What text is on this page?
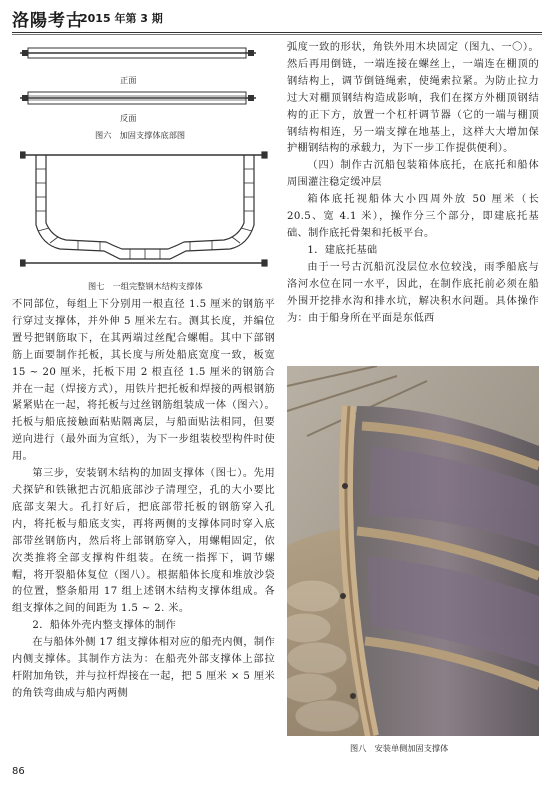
洛陽考古
2015 年第 3 期
正面
反面
图六　加固支撑体底部图
图七　一组完整钢木结构支撑体

不同部位，每组上下分别用一根直径 1.5 厘米的钢筋平行穿过支撑体，并外伸 5 厘米左右。测其长度，并编位置号把钢筋取下，在其两端过丝配合螺帽。其中下部钢筋上面要制作托板，其长度与所处船底宽度一致，板宽 15 ~ 20 厘米，托板下用 2 根直径 1.5 厘米的钢筋合并在一起（焊接方式），用铁片把托板和焊接的两根钢筋紧紧贴在一起，将托板与过丝钢筋组装成一体（图六）。托板与船底接触面粘贴隔离层，与船面贴法相同，但要逆向进行（最外面为宣纸），为下一步组装校型构件时使用。

第三步，安装钢木结构的加固支撑体（图七）。先用犬探铲和铁锹把古沉船底部沙子清理空，孔的大小要比底部支架大。孔打好后，把底部带托板的钢筋穿入孔内，将托板与船底支实，再将两侧的支撑体同时穿入底部带丝钢筋内，然后将上部钢筋穿入，用螺帽固定，依次类推将全部支撑构件组装。在统一指挥下，调节螺帽，将开裂船体复位（图八）。根据船体长度和堆放沙袋的位置，整条船用 17 组上述钢木结构支撑体组成。各组支撑体之间的间距为 1.5 ~ 2. 米。

2．船体外壳内整支撑体的制作

在与船体外侧 17 组支撑体相对应的船壳内侧，制作内侧支撑体。其制作方法为：在船壳外部支撑体上部拉杆附加角铁，并与拉杆焊接在一起，把 5 厘米 × 5 厘米的角铁弯曲成与船内两侧

弧度一致的形状，角铁外用木块固定（图九、一〇）。然后再用倒链，一端连接在螺丝上，一端连在棚顶的钢结构上，调节倒链绳索，使绳索拉紧。为防止拉力过大对棚顶钢结构造成影响，我们在探方外棚顶钢结构的正下方，放置一个杠杆调节器（它的一端与棚顶钢结构相连，另一端支撑在地基上，这样大大增加保护棚钢结构的承载力，为下一步工作提供便利）。

（四）制作古沉船包装箱体底托，在底托和船体周围灌注稳定缓冲层

箱体底托视船体大小四周外放 50 厘米（长 20.5、宽 4.1 米），操作分三个部分，即建底托基础、制作底托骨架和托板平台。

1．建底托基础

由于一号古沉船沉没层位水位较浅，雨季船底与洛河水位在同一水平，因此，在制作底托前必须在船外围开挖排水沟和排水坑，解决积水问题。具体操作为：由于船身所在平面是东低西

图八　安装单侧加固支撑体
86
